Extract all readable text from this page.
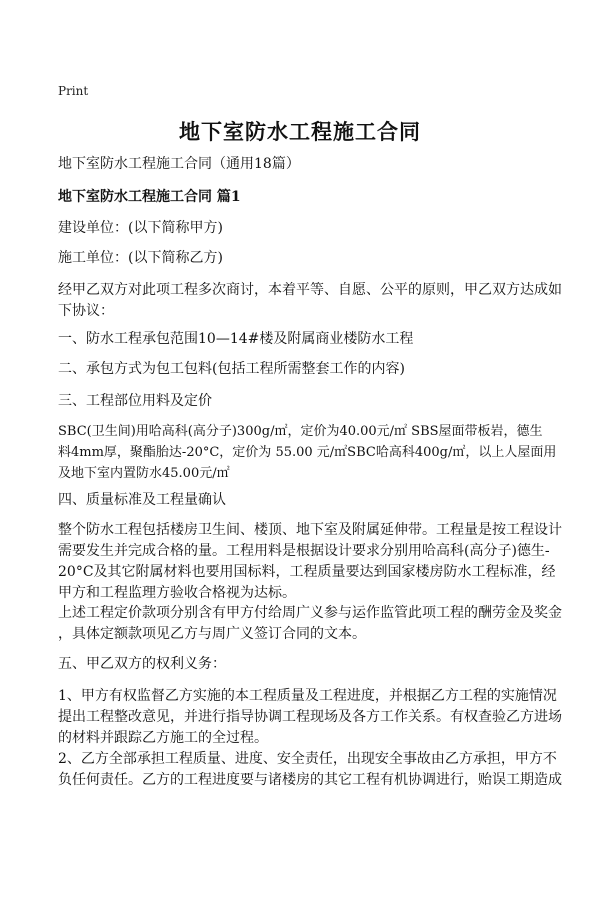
Print
地下室防水工程施工合同
地下室防水工程施工合同（通用18篇）
地下室防水工程施工合同 篇1

建设单位：(以下简称甲方)

施工单位：(以下简称乙方)

经甲乙双方对此项工程多次商讨，本着平等、自愿、公平的原则，甲乙双方达成如
下协议：

一、防水工程承包范围10—14#楼及附属商业楼防水工程

二、承包方式为包工包料(包括工程所需整套工作的内容)

三、工程部位用料及定价

SBC(卫生间)用哈高科(高分子)300g/㎡，定价为40.00元/㎡ SBS屋面带板岩，德生
料4mm厚，聚酯胎达-20°C，定价为 55.00 元/㎡SBC哈高科400g/㎡，以上人屋面用
及地下室内置防水45.00元/㎡

四、质量标准及工程量确认

整个防水工程包括楼房卫生间、楼顶、地下室及附属延伸带。工程量是按工程设计
需要发生并完成合格的量。工程用料是根据设计要求分别用哈高科(高分子)德生-
20°C及其它附属材料也要用国标料，工程质量要达到国家楼房防水工程标准，经
甲方和工程监理方验收合格视为达标。

上述工程定价款项分别含有甲方付给周广义参与运作监管此项工程的酬劳金及奖金
，具体定额款项见乙方与周广义签订合同的文本。

五、甲乙双方的权利义务：

1、甲方有权监督乙方实施的本工程质量及工程进度，并根据乙方工程的实施情况
提出工程整改意见，并进行指导协调工程现场及各方工作关系。有权查验乙方进场
的材料并跟踪乙方施工的全过程。

2、乙方全部承担工程质量、进度、安全责任，出现安全事故由乙方承担，甲方不
负任何责任。乙方的工程进度要与诸楼房的其它工程有机协调进行，贻误工期造成
